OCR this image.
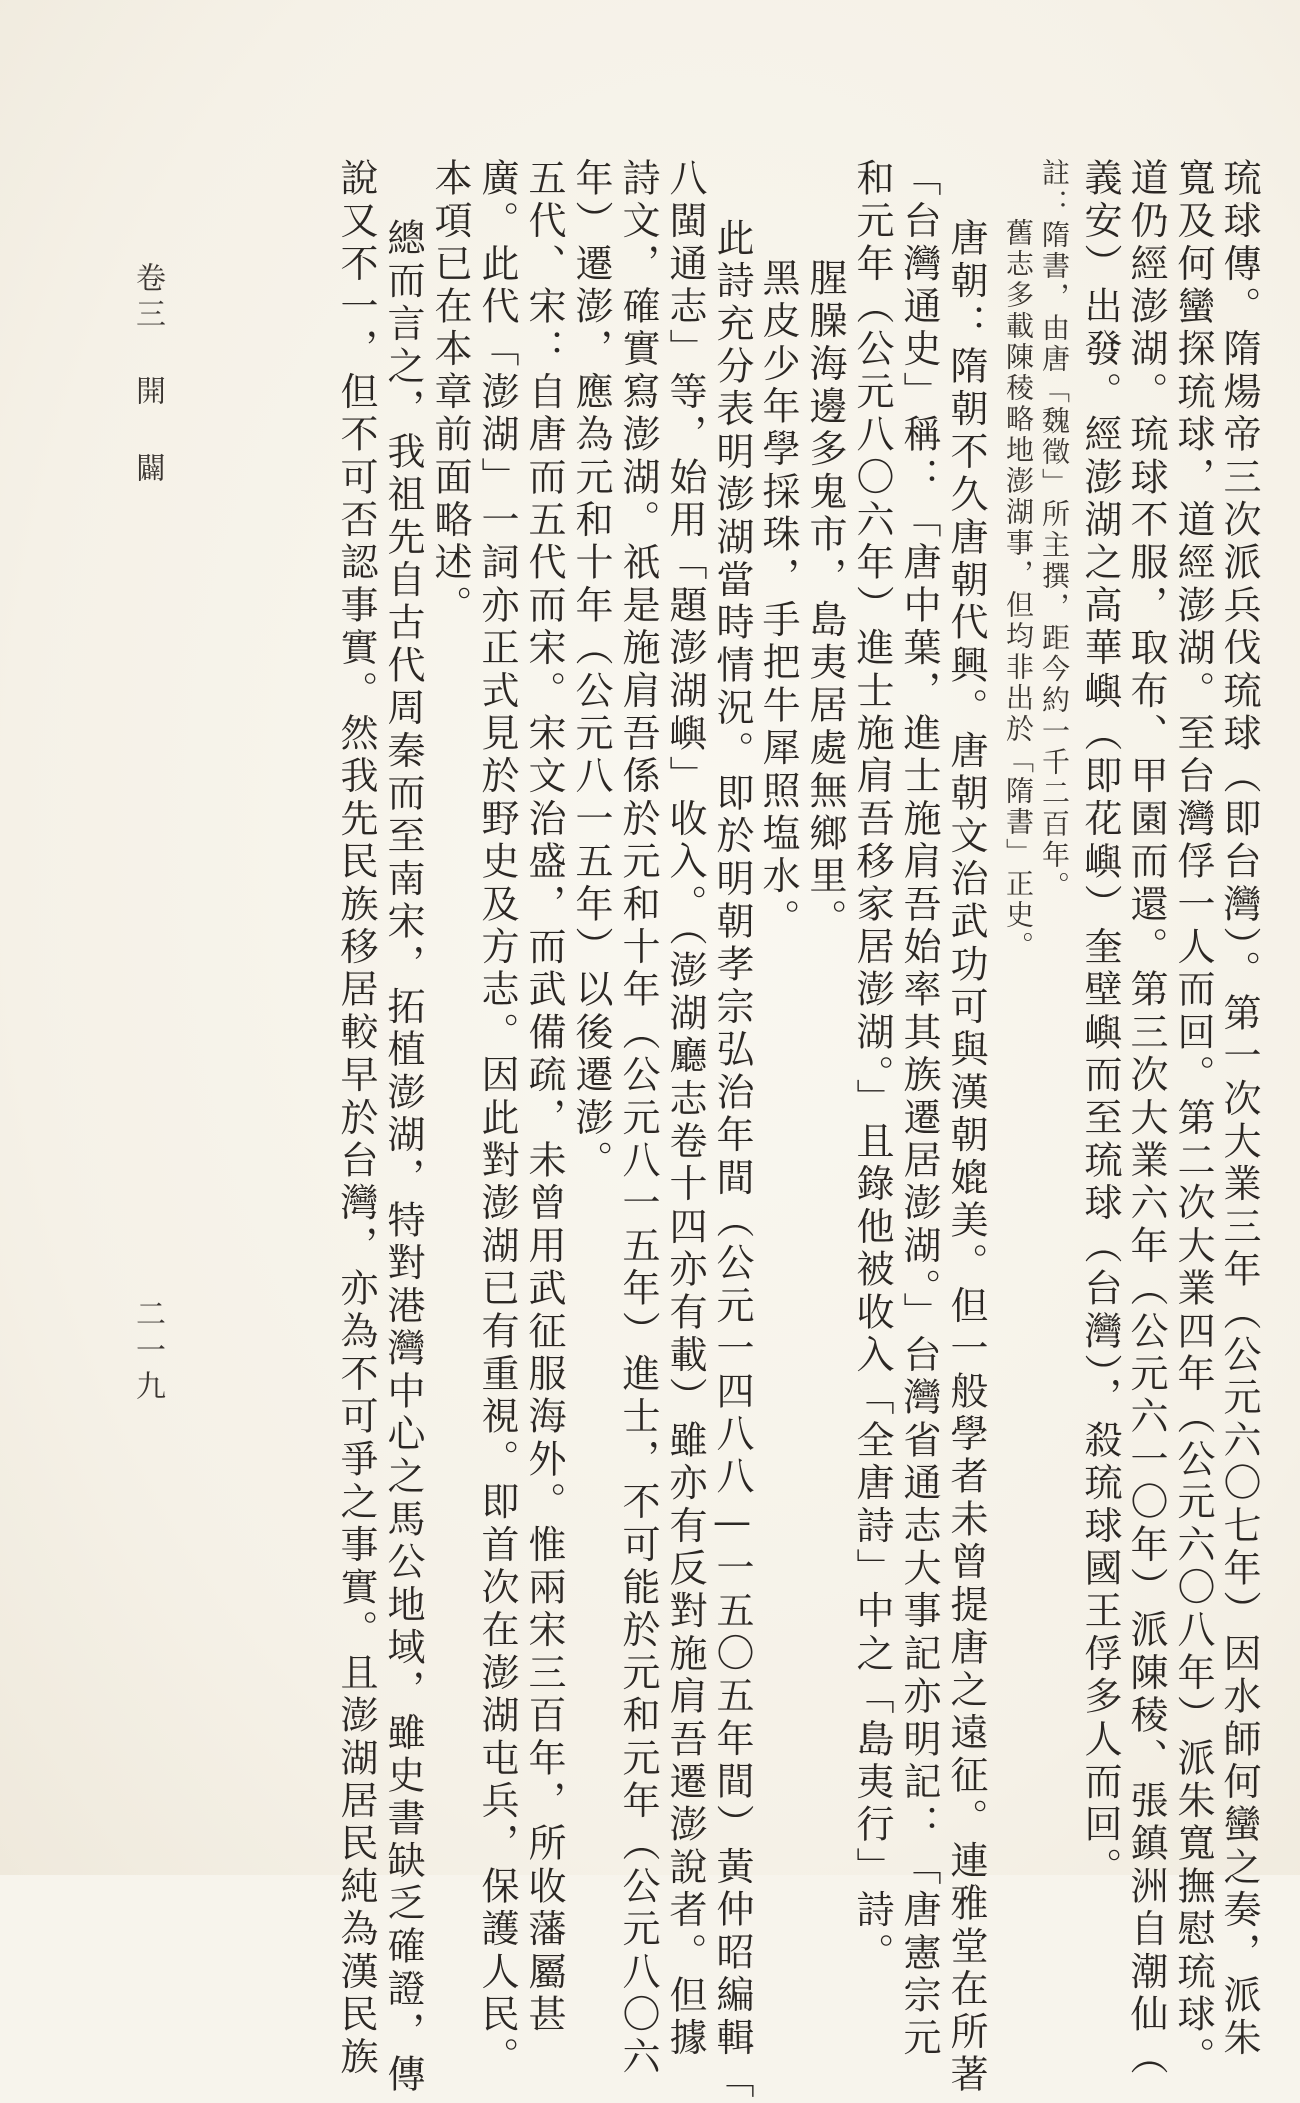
琉球傳。隋煬帝三次派兵伐琉球（即台灣）。第一次大業三年（公元六〇七年）因水師何蠻之奏，派朱
寬及何蠻探琉球，道經澎湖。至台灣俘一人而回。第二次大業四年（公元六〇八年）派朱寬撫慰琉球。
道仍經澎湖。琉球不服，取布、甲園而還。第三次大業六年（公元六一〇年）派陳稜、張鎮洲自潮仙（
義安）出發。經澎湖之高華嶼（即花嶼）奎壁嶼而至琉球（台灣），殺琉球國王俘多人而回。
註：隋書，由唐「魏徵」所主撰，距今約一千二百年。
舊志多載陳稜略地澎湖事，但均非出於「隋書」正史。
唐朝：隋朝不久唐朝代興。唐朝文治武功可與漢朝媲美。但一般學者未曾提唐之遠征。連雅堂在所著
「台灣通史」稱：「唐中葉，進士施肩吾始率其族遷居澎湖。」台灣省通志大事記亦明記：「唐憲宗元
和元年（公元八〇六年）進士施肩吾移家居澎湖。」且錄他被收入「全唐詩」中之「島夷行」詩。
腥臊海邊多鬼市，島夷居處無鄉里。
黑皮少年學採珠，手把牛犀照塩水。
此詩充分表明澎湖當時情況。即於明朝孝宗弘治年間（公元一四八八—一五〇五年間）黃仲昭編輯「
八閩通志」等，始用「題澎湖嶼」收入。（澎湖廳志卷十四亦有載）雖亦有反對施肩吾遷澎說者。但據
詩文，確實寫澎湖。祇是施肩吾係於元和十年（公元八一五年）進士，不可能於元和元年（公元八〇六
年）遷澎，應為元和十年（公元八一五年）以後遷澎。
五代、宋：自唐而五代而宋。宋文治盛，而武備疏，未曾用武征服海外。惟兩宋三百年，所收藩屬甚
廣。此代「澎湖」一詞亦正式見於野史及方志。因此對澎湖已有重視。即首次在澎湖屯兵，保護人民。
本項已在本章前面略述。
總而言之，我祖先自古代周秦而至南宋，拓植澎湖，特對港灣中心之馬公地域，雖史書缺乏確證，傳
說又不一，但不可否認事實。然我先民族移居較早於台灣，亦為不可爭之事實。且澎湖居民純為漢民族
卷三 開 闢
二一九
